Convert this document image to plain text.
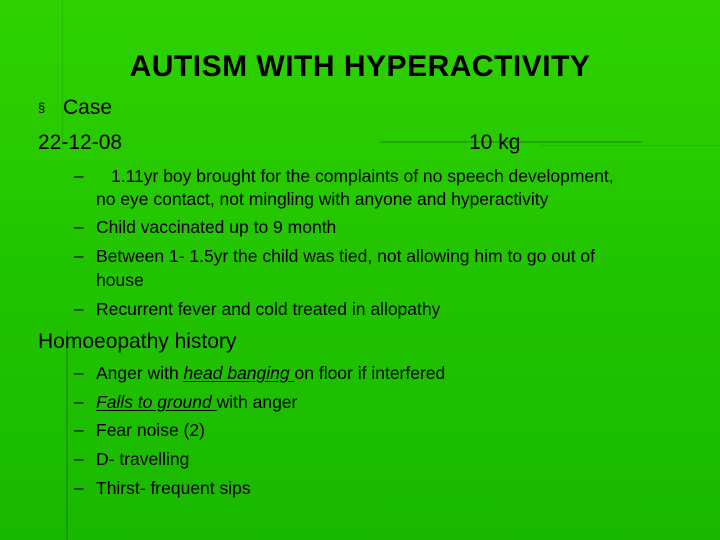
AUTISM WITH HYPERACTIVITY
§ Case
22-12-08	10 kg
– 1.11yr boy brought for the complaints of no speech development,
no eye contact, not mingling with anyone and hyperactivity
– Child vaccinated up to 9 month
– Between 1- 1.5yr the child was tied, not allowing him to go out of
house
– Recurrent fever and cold treated in allopathy
Homoeopathy history
– Anger with head banging on floor if interfered
– Falls to ground with anger
– Fear noise (2)
– D- travelling
– Thirst- frequent sips
